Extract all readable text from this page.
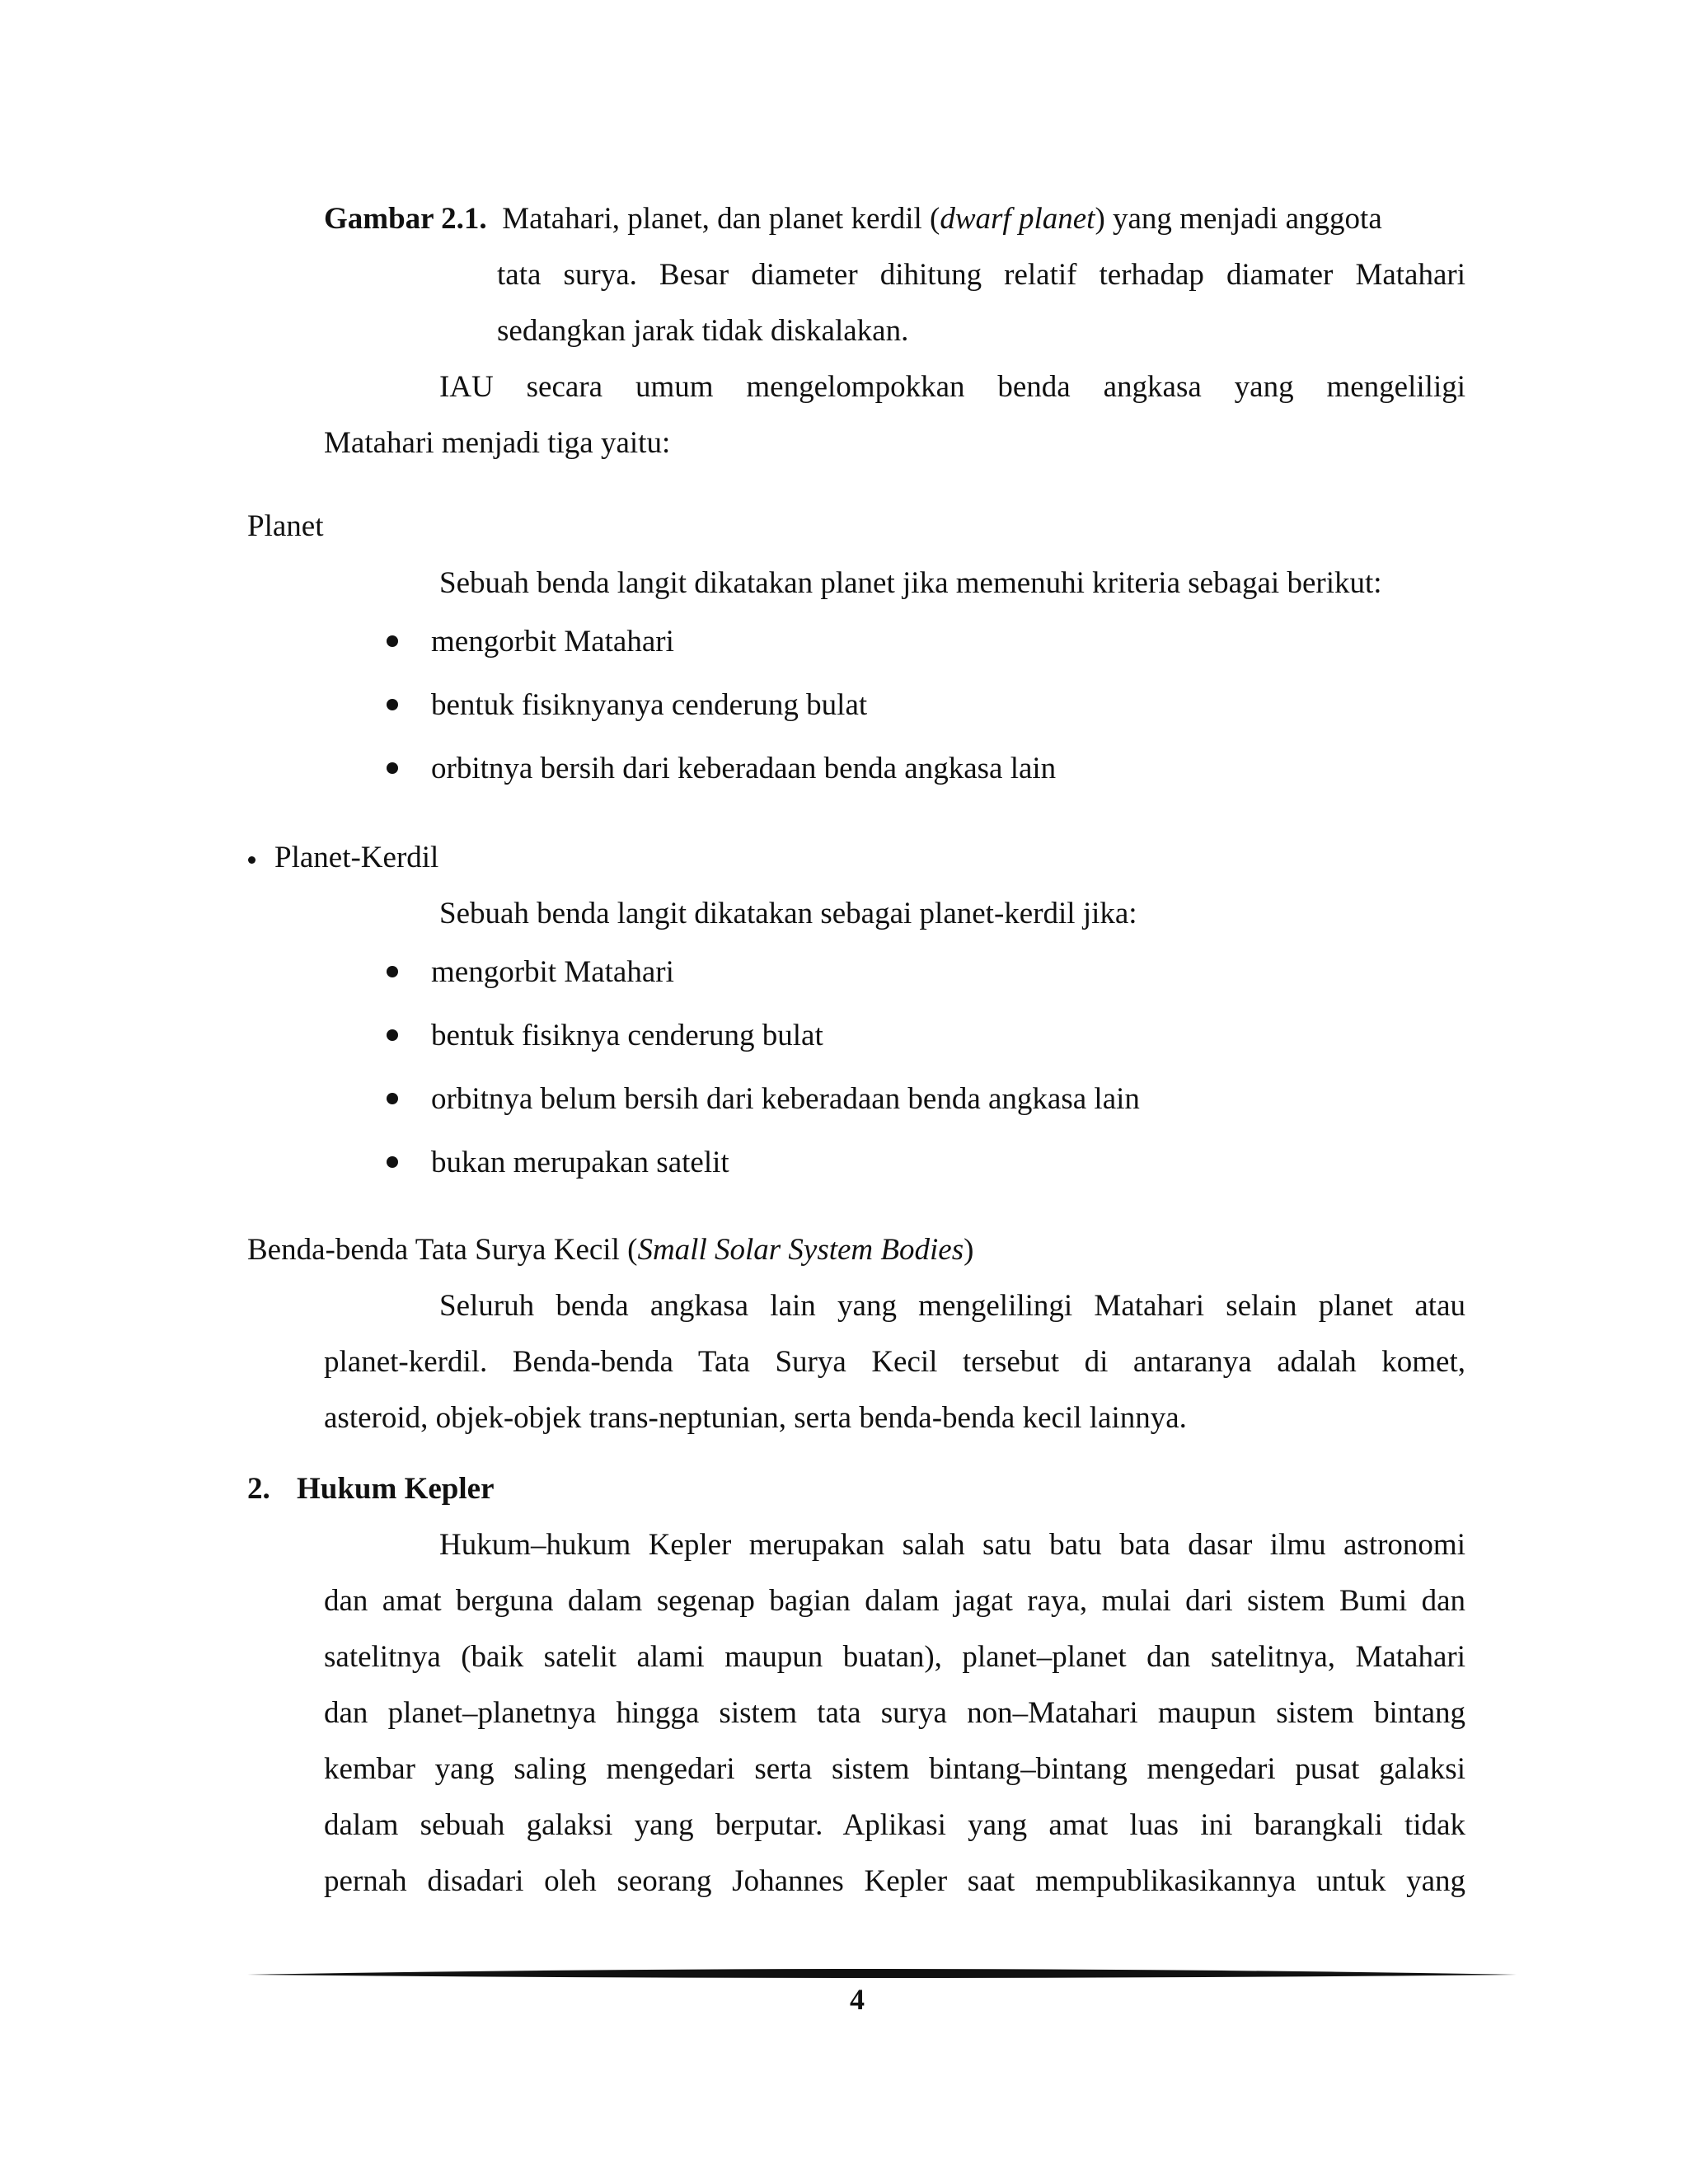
Gambar 2.1. Matahari, planet, dan planet kerdil (dwarf planet) yang menjadi anggota
tata surya. Besar diameter dihitung relatif terhadap diamater Matahari
sedangkan jarak tidak diskalakan.
IAU secara umum mengelompokkan benda angkasa yang mengeliligi
Matahari menjadi tiga yaitu:
Planet
Sebuah benda langit dikatakan planet jika memenuhi kriteria sebagai berikut:
mengorbit Matahari
bentuk fisiknyanya cenderung bulat
orbitnya bersih dari keberadaan benda angkasa lain
Planet-Kerdil
Sebuah benda langit dikatakan sebagai planet-kerdil jika:
mengorbit Matahari
bentuk fisiknya cenderung bulat
orbitnya belum bersih dari keberadaan benda angkasa lain
bukan merupakan satelit
Benda-benda Tata Surya Kecil (Small Solar System Bodies)
Seluruh benda angkasa lain yang mengelilingi Matahari selain planet atau
planet-kerdil. Benda-benda Tata Surya Kecil tersebut di antaranya adalah komet,
asteroid, objek-objek trans-neptunian, serta benda-benda kecil lainnya.
2. Hukum Kepler
Hukum–hukum Kepler merupakan salah satu batu bata dasar ilmu astronomi
dan amat berguna dalam segenap bagian dalam jagat raya, mulai dari sistem Bumi dan
satelitnya (baik satelit alami maupun buatan), planet–planet dan satelitnya, Matahari
dan planet–planetnya hingga sistem tata surya non–Matahari maupun sistem bintang
kembar yang saling mengedari serta sistem bintang–bintang mengedari pusat galaksi
dalam sebuah galaksi yang berputar. Aplikasi yang amat luas ini barangkali tidak
pernah disadari oleh seorang Johannes Kepler saat mempublikasikannya untuk yang
4
